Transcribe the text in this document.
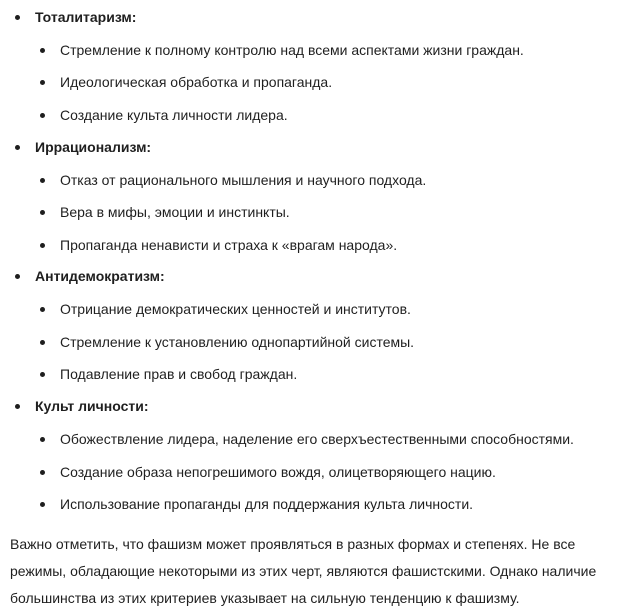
Тоталитаризм:
Стремление к полному контролю над всеми аспектами жизни граждан.
Идеологическая обработка и пропаганда.
Создание культа личности лидера.
Иррационализм:
Отказ от рационального мышления и научного подхода.
Вера в мифы, эмоции и инстинкты.
Пропаганда ненависти и страха к «врагам народа».
Антидемократизм:
Отрицание демократических ценностей и институтов.
Стремление к установлению однопартийной системы.
Подавление прав и свобод граждан.
Культ личности:
Обожествление лидера, наделение его сверхъестественными способностями.
Создание образа непогрешимого вождя, олицетворяющего нацию.
Использование пропаганды для поддержания культа личности.

Важно отметить, что фашизм может проявляться в разных формах и степенях. Не все режимы, обладающие некоторыми из этих черт, являются фашистскими. Однако наличие большинства из этих критериев указывает на сильную тенденцию к фашизму.
